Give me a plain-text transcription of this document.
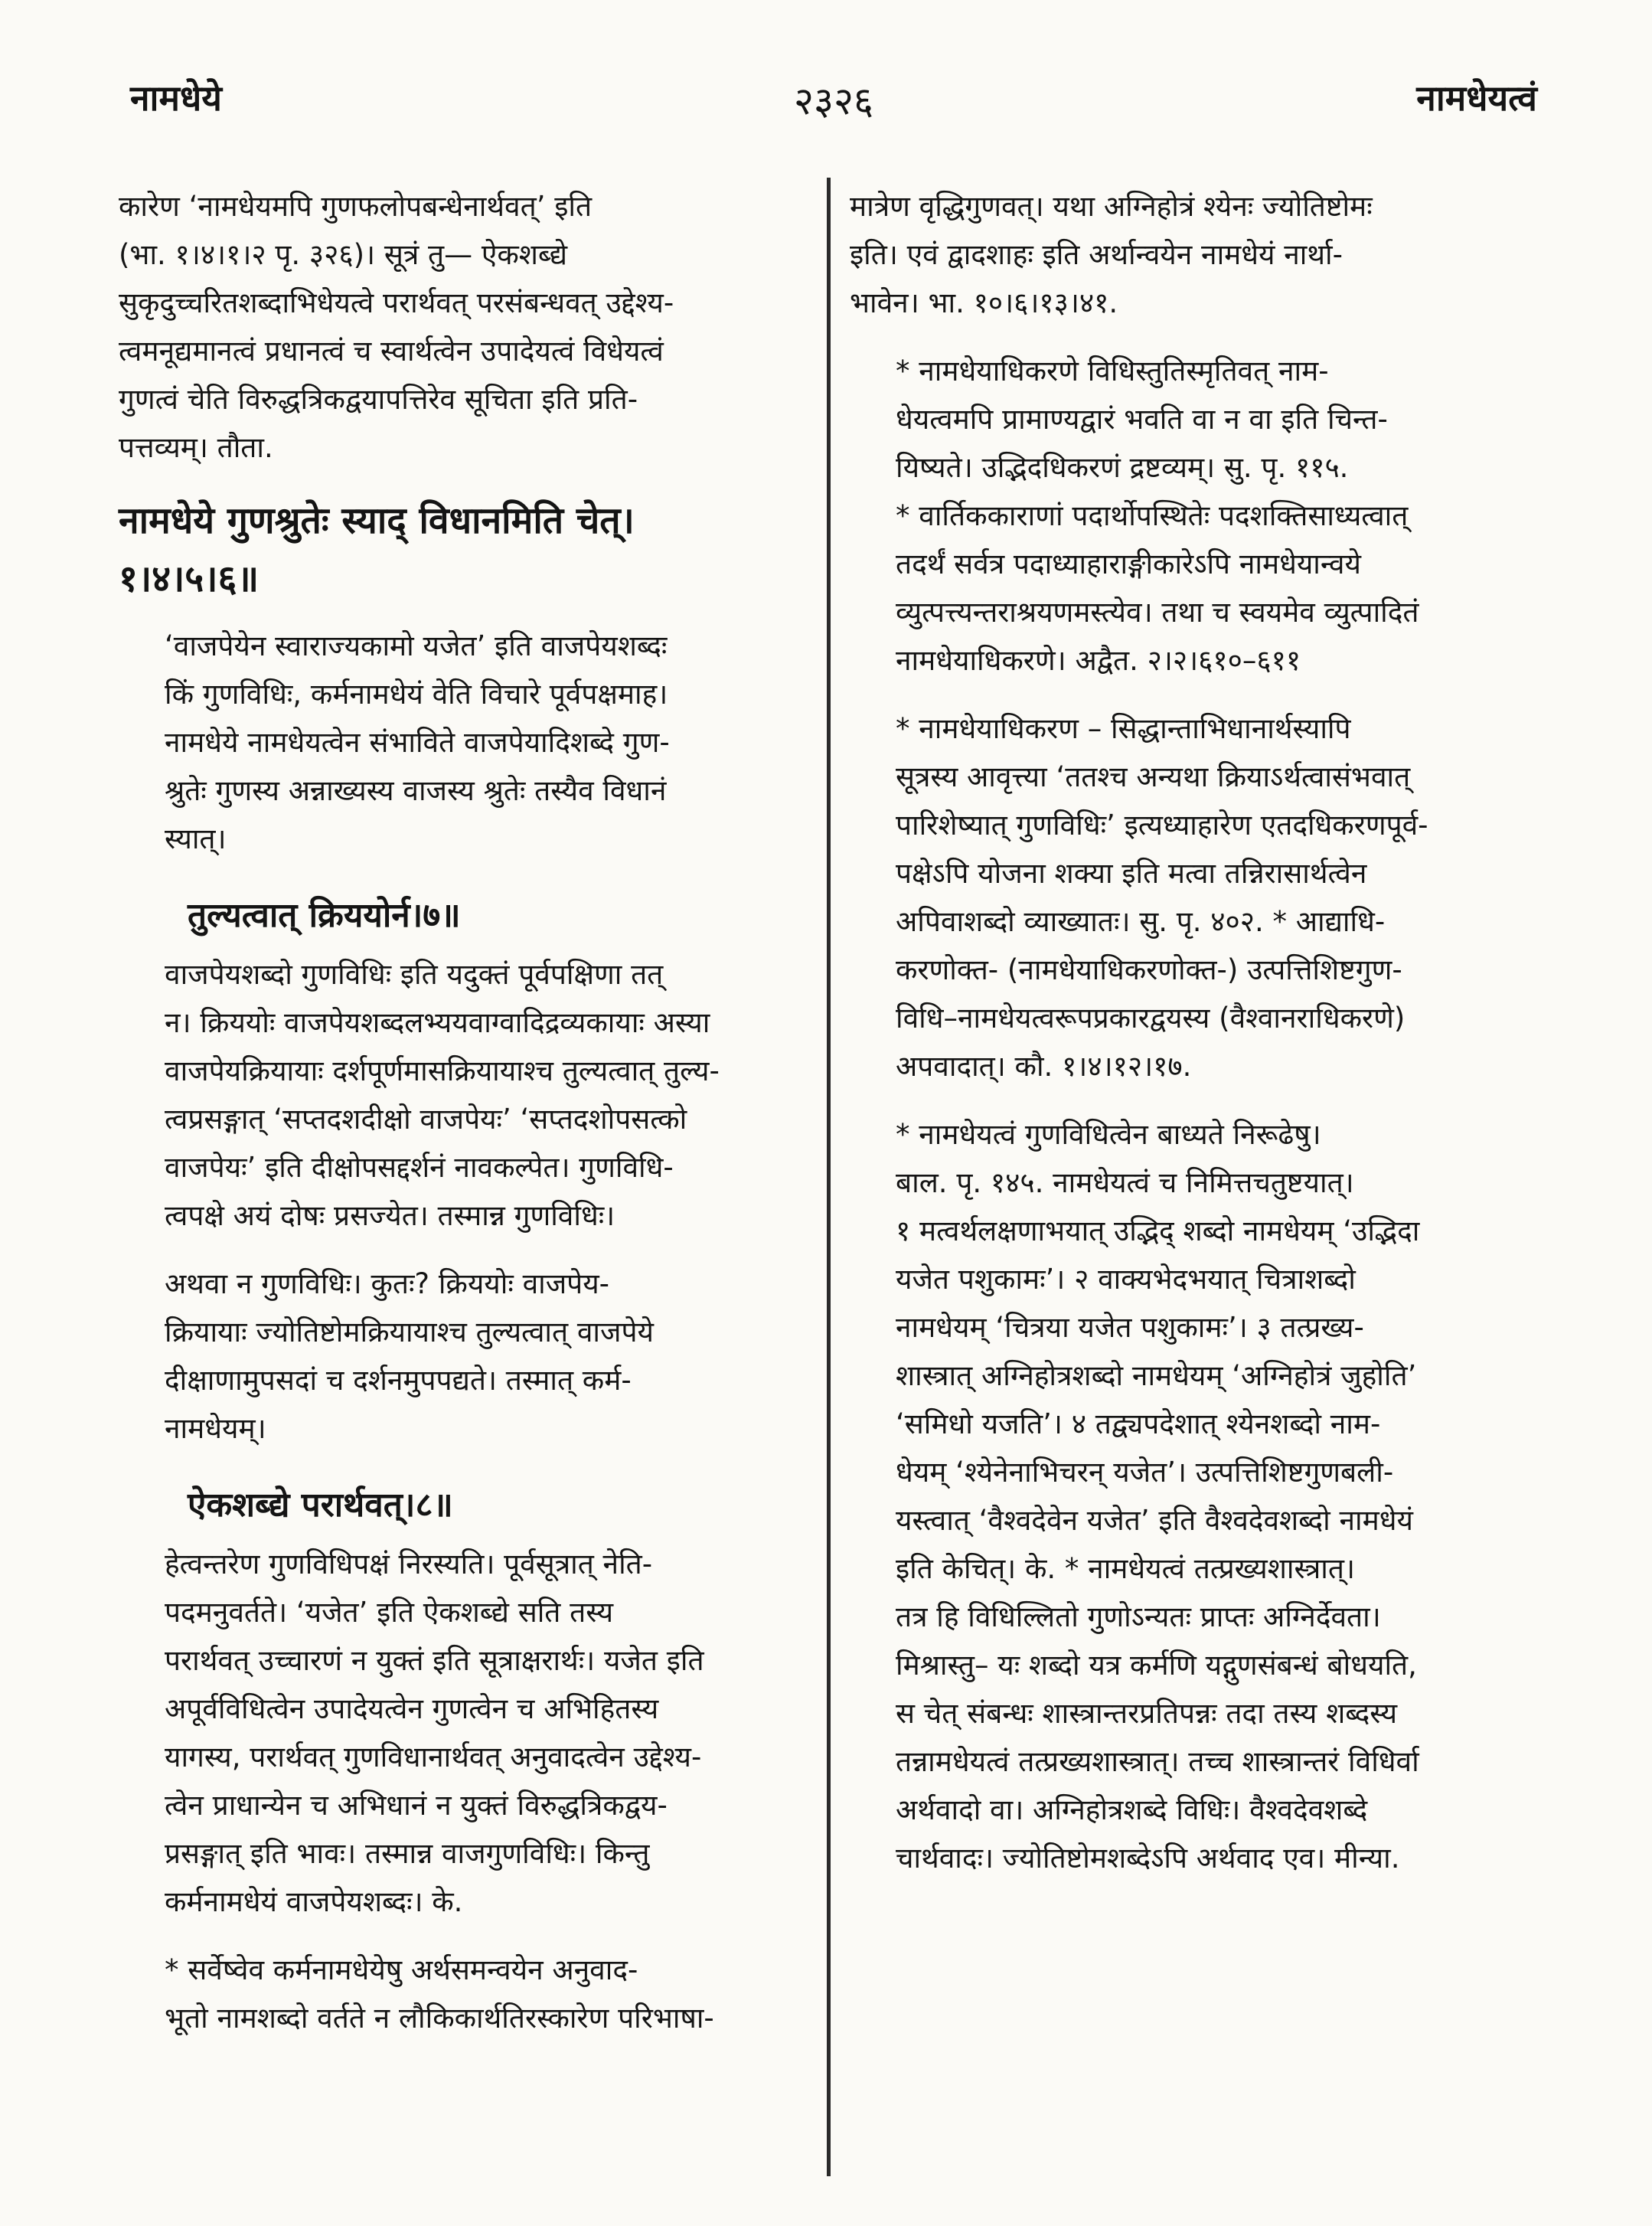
नामधेये	२३२६	नामधेयत्वं

कारेण ‘नामधेयमपि गुणफलोपबन्धेनार्थवत्’ इति
(भा. १।४।१।२ पृ. ३२६)। सूत्रं तु— ऐकशब्द्ये
सुकृदुच्चरितशब्दाभिधेयत्वे परार्थवत् परसंबन्धवत् उद्देश्य-
त्वमनूद्यमानत्वं प्रधानत्वं च स्वार्थत्वेन उपादेयत्वं विधेयत्वं
गुणत्वं चेति विरुद्धत्रिकद्वयापत्तिरेव सूचिता इति प्रति-
पत्तव्यम्। तौता.

नामधेये गुणश्रुतेः स्याद् विधानमिति चेत्।
१।४।५।६॥

‘वाजपेयेन स्वाराज्यकामो यजेत’ इति वाजपेयशब्दः
किं गुणविधिः, कर्मनामधेयं वेति विचारे पूर्वपक्षमाह।
नामधेये नामधेयत्वेन संभाविते वाजपेयादिशब्दे गुण-
श्रुतेः गुणस्य अन्नाख्यस्य वाजस्य श्रुतेः तस्यैव विधानं
स्यात्।

तुल्यत्वात् क्रिययोर्न।७॥

वाजपेयशब्दो गुणविधिः इति यदुक्तं पूर्वपक्षिणा तत्
न। क्रिययोः वाजपेयशब्दलभ्ययवाग्वादिद्रव्यकायाः अस्या
वाजपेयक्रियायाः दर्शपूर्णमासक्रियायाश्च तुल्यत्वात् तुल्य-
त्वप्रसङ्गात् ‘सप्तदशदीक्षो वाजपेयः’ ‘सप्तदशोपसत्को
वाजपेयः’ इति दीक्षोपसद्दर्शनं नावकल्पेत। गुणविधि-
त्वपक्षे अयं दोषः प्रसज्येत। तस्मान्न गुणविधिः।

अथवा न गुणविधिः। कुतः? क्रिययोः वाजपेय-
क्रियायाः ज्योतिष्टोमक्रियायाश्च तुल्यत्वात् वाजपेये
दीक्षाणामुपसदां च दर्शनमुपपद्यते। तस्मात् कर्म-
नामधेयम्।

ऐकशब्द्ये परार्थवत्।८॥

हेत्वन्तरेण गुणविधिपक्षं निरस्यति। पूर्वसूत्रात् नेति-
पदमनुवर्तते। ‘यजेत’ इति ऐकशब्द्ये सति तस्य
परार्थवत् उच्चारणं न युक्तं इति सूत्राक्षरार्थः। यजेत इति
अपूर्वविधित्वेन उपादेयत्वेन गुणत्वेन च अभिहितस्य
यागस्य, परार्थवत् गुणविधानार्थवत् अनुवादत्वेन उद्देश्य-
त्वेन प्राधान्येन च अभिधानं न युक्तं विरुद्धत्रिकद्वय-
प्रसङ्गात् इति भावः। तस्मान्न वाजगुणविधिः। किन्तु
कर्मनामधेयं वाजपेयशब्दः। के.

* सर्वेष्वेव कर्मनामधेयेषु अर्थसमन्वयेन अनुवाद-
भूतो नामशब्दो वर्तते न लौकिकार्थतिरस्कारेण परिभाषा-

मात्रेण वृद्धिगुणवत्। यथा अग्निहोत्रं श्येनः ज्योतिष्टोमः
इति। एवं द्वादशाहः इति अर्थान्वयेन नामधेयं नार्था-
भावेन। भा. १०।६।१३।४१.

* नामधेयाधिकरणे विधिस्तुतिस्मृतिवत् नाम-
धेयत्वमपि प्रामाण्यद्वारं भवति वा न वा इति चिन्त-
यिष्यते। उद्भिदधिकरणं द्रष्टव्यम्। सु. पृ. ११५.
* वार्तिककाराणां पदार्थोपस्थितेः पदशक्तिसाध्यत्वात्
तदर्थं सर्वत्र पदाध्याहाराङ्गीकारेऽपि नामधेयान्वये
व्युत्पत्त्यन्तराश्रयणमस्त्येव। तथा च स्वयमेव व्युत्पादितं
नामधेयाधिकरणे। अद्वैत. २।२।६१०–६११

* नामधेयाधिकरण – सिद्धान्ताभिधानार्थस्यापि
सूत्रस्य आवृत्त्या ‘ततश्च अन्यथा क्रियाऽर्थत्वासंभवात्
पारिशेष्यात् गुणविधिः’ इत्यध्याहारेण एतदधिकरणपूर्व-
पक्षेऽपि योजना शक्या इति मत्वा तन्निरासार्थत्वेन
अपिवाशब्दो व्याख्यातः। सु. पृ. ४०२. * आद्याधि-
करणोक्त- (नामधेयाधिकरणोक्त-) उत्पत्तिशिष्टगुण-
विधि–नामधेयत्वरूपप्रकारद्वयस्य (वैश्वानराधिकरणे)
अपवादात्। कौ. १।४।१२।१७.

* नामधेयत्वं गुणविधित्वेन बाध्यते निरूढेषु।
बाल. पृ. १४५. नामधेयत्वं च निमित्तचतुष्टयात्।
१ मत्वर्थलक्षणाभयात् उद्भिद् शब्दो नामधेयम् ‘उद्भिदा
यजेत पशुकामः’। २ वाक्यभेदभयात् चित्राशब्दो
नामधेयम् ‘चित्रया यजेत पशुकामः’। ३ तत्प्रख्य-
शास्त्रात् अग्निहोत्रशब्दो नामधेयम् ‘अग्निहोत्रं जुहोति’
‘समिधो यजति’। ४ तद्व्यपदेशात् श्येनशब्दो नाम-
धेयम् ‘श्येनेनाभिचरन् यजेत’। उत्पत्तिशिष्टगुणबली-
यस्त्वात् ‘वैश्वदेवेन यजेत’ इति वैश्वदेवशब्दो नामधेयं
इति केचित्। के. * नामधेयत्वं तत्प्रख्यशास्त्रात्।
तत्र हि विधिल्लितो गुणोऽन्यतः प्राप्तः अग्निर्देवता।
मिश्रास्तु– यः शब्दो यत्र कर्मणि यद्गुणसंबन्धं बोधयति,
स चेत् संबन्धः शास्त्रान्तरप्रतिपन्नः तदा तस्य शब्दस्य
तन्नामधेयत्वं तत्प्रख्यशास्त्रात्। तच्च शास्त्रान्तरं विधिर्वा
अर्थवादो वा। अग्निहोत्रशब्दे विधिः। वैश्वदेवशब्दे
चार्थवादः। ज्योतिष्टोमशब्देऽपि अर्थवाद एव। मीन्या.
